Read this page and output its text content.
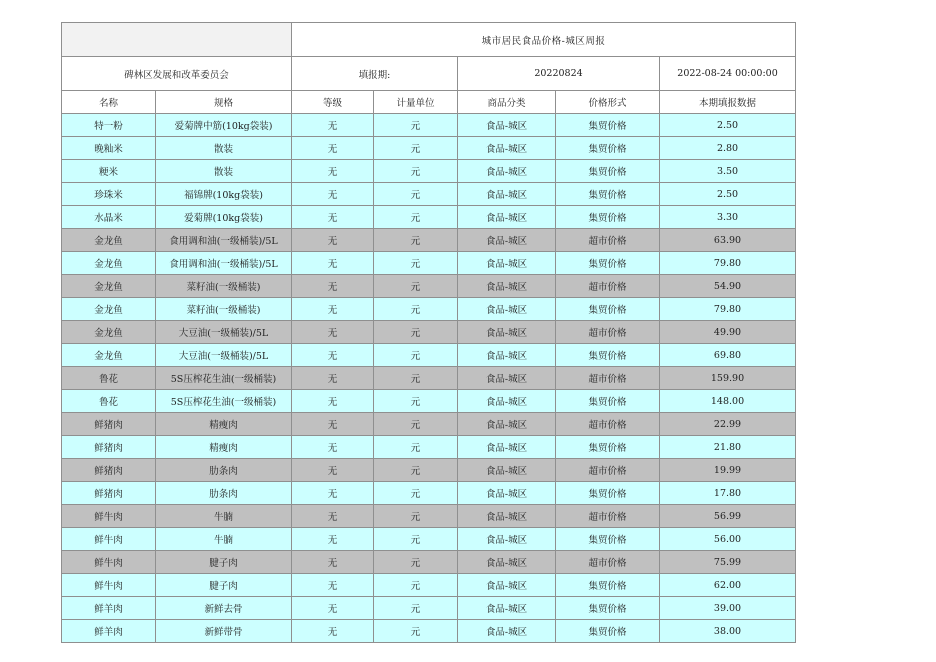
		城市居民食品价格-城区周报				
碑林区发展和改革委员会		填报期:		20220824		2022-08-24 00:00:00
名称	规格	等级	计量单位	商品分类	价格形式	本期填报数据
特一粉	爱菊牌中筋(10kg袋装)	无	元	食品-城区	集贸价格	2.50
晚籼米	散装	无	元	食品-城区	集贸价格	2.80
粳米	散装	无	元	食品-城区	集贸价格	3.50
珍珠米	福锦牌(10kg袋装)	无	元	食品-城区	集贸价格	2.50
水晶米	爱菊牌(10kg袋装)	无	元	食品-城区	集贸价格	3.30
金龙鱼	食用调和油(一级桶装)/5L	无	元	食品-城区	超市价格	63.90
金龙鱼	食用调和油(一级桶装)/5L	无	元	食品-城区	集贸价格	79.80
金龙鱼	菜籽油(一级桶装)	无	元	食品-城区	超市价格	54.90
金龙鱼	菜籽油(一级桶装)	无	元	食品-城区	集贸价格	79.80
金龙鱼	大豆油(一级桶装)/5L	无	元	食品-城区	超市价格	49.90
金龙鱼	大豆油(一级桶装)/5L	无	元	食品-城区	集贸价格	69.80
鲁花	5S压榨花生油(一级桶装)	无	元	食品-城区	超市价格	159.90
鲁花	5S压榨花生油(一级桶装)	无	元	食品-城区	集贸价格	148.00
鲜猪肉	精瘦肉	无	元	食品-城区	超市价格	22.99
鲜猪肉	精瘦肉	无	元	食品-城区	集贸价格	21.80
鲜猪肉	肋条肉	无	元	食品-城区	超市价格	19.99
鲜猪肉	肋条肉	无	元	食品-城区	集贸价格	17.80
鲜牛肉	牛腩	无	元	食品-城区	超市价格	56.99
鲜牛肉	牛腩	无	元	食品-城区	集贸价格	56.00
鲜牛肉	腱子肉	无	元	食品-城区	超市价格	75.99
鲜牛肉	腱子肉	无	元	食品-城区	集贸价格	62.00
鲜羊肉	新鲜去骨	无	元	食品-城区	集贸价格	39.00
鲜羊肉	新鲜带骨	无	元	食品-城区	集贸价格	38.00
